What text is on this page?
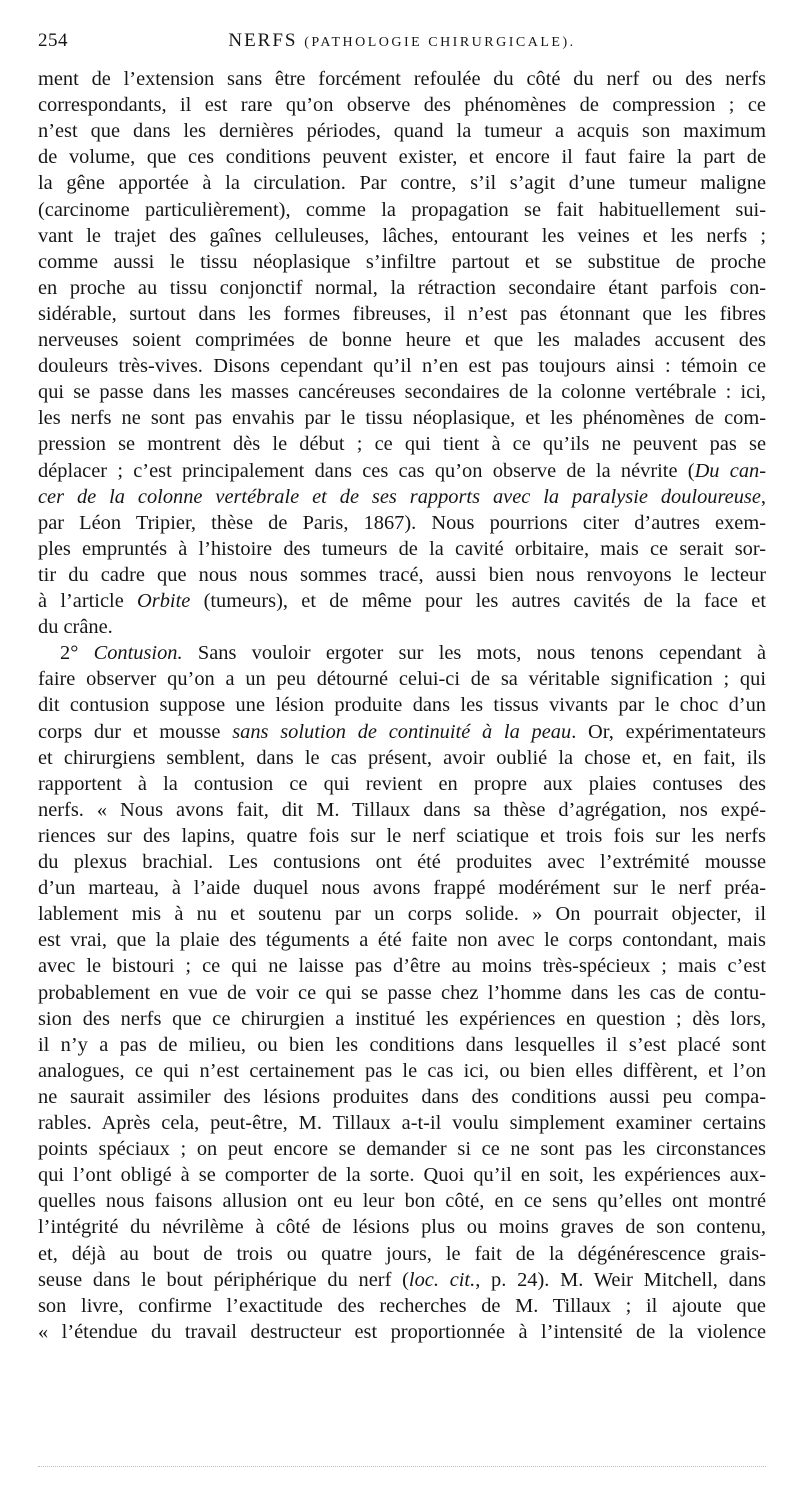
254	NERFS (PATHOLOGIE CHIRURGICALE).
ment de l’extension sans être forcément refoulée du côté du nerf ou des nerfs
correspondants, il est rare qu’on observe des phénomènes de compression ; ce
n’est que dans les dernières périodes, quand la tumeur a acquis son maximum
de volume, que ces conditions peuvent exister, et encore il faut faire la part de
la gêne apportée à la circulation. Par contre, s’il s’agit d’une tumeur maligne
(carcinome particulièrement), comme la propagation se fait habituellement sui-
vant le trajet des gaînes celluleuses, lâches, entourant les veines et les nerfs ;
comme aussi le tissu néoplasique s’infiltre partout et se substitue de proche
en proche au tissu conjonctif normal, la rétraction secondaire étant parfois con-
sidérable, surtout dans les formes fibreuses, il n’est pas étonnant que les fibres
nerveuses soient comprimées de bonne heure et que les malades accusent des
douleurs très-vives. Disons cependant qu’il n’en est pas toujours ainsi : témoin ce
qui se passe dans les masses cancéreuses secondaires de la colonne vertébrale : ici,
les nerfs ne sont pas envahis par le tissu néoplasique, et les phénomènes de com-
pression se montrent dès le début ; ce qui tient à ce qu’ils ne peuvent pas se
déplacer ; c’est principalement dans ces cas qu’on observe de la névrite (Du can-
cer de la colonne vertébrale et de ses rapports avec la paralysie douloureuse,
par Léon Tripier, thèse de Paris, 1867). Nous pourrions citer d’autres exem-
ples empruntés à l’histoire des tumeurs de la cavité orbitaire, mais ce serait sor-
tir du cadre que nous nous sommes tracé, aussi bien nous renvoyons le lecteur
à l’article Orbite (tumeurs), et de même pour les autres cavités de la face et
du crâne.
2° Contusion. Sans vouloir ergoter sur les mots, nous tenons cependant à
faire observer qu’on a un peu détourné celui-ci de sa véritable signification ; qui
dit contusion suppose une lésion produite dans les tissus vivants par le choc d’un
corps dur et mousse sans solution de continuité à la peau. Or, expérimentateurs
et chirurgiens semblent, dans le cas présent, avoir oublié la chose et, en fait, ils
rapportent à la contusion ce qui revient en propre aux plaies contuses des
nerfs. « Nous avons fait, dit M. Tillaux dans sa thèse d’agrégation, nos expé-
riences sur des lapins, quatre fois sur le nerf sciatique et trois fois sur les nerfs
du plexus brachial. Les contusions ont été produites avec l’extrémité mousse
d’un marteau, à l’aide duquel nous avons frappé modérément sur le nerf préa-
lablement mis à nu et soutenu par un corps solide. » On pourrait objecter, il
est vrai, que la plaie des téguments a été faite non avec le corps contondant, mais
avec le bistouri ; ce qui ne laisse pas d’être au moins très-spécieux ; mais c’est
probablement en vue de voir ce qui se passe chez l’homme dans les cas de contu-
sion des nerfs que ce chirurgien a institué les expériences en question ; dès lors,
il n’y a pas de milieu, ou bien les conditions dans lesquelles il s’est placé sont
analogues, ce qui n’est certainement pas le cas ici, ou bien elles diffèrent, et l’on
ne saurait assimiler des lésions produites dans des conditions aussi peu compa-
rables. Après cela, peut-être, M. Tillaux a-t-il voulu simplement examiner certains
points spéciaux ; on peut encore se demander si ce ne sont pas les circonstances
qui l’ont obligé à se comporter de la sorte. Quoi qu’il en soit, les expériences aux-
quelles nous faisons allusion ont eu leur bon côté, en ce sens qu’elles ont montré
l’intégrité du névrilème à côté de lésions plus ou moins graves de son contenu,
et, déjà au bout de trois ou quatre jours, le fait de la dégénérescence grais-
seuse dans le bout périphérique du nerf (loc. cit., p. 24). M. Weir Mitchell, dans
son livre, confirme l’exactitude des recherches de M. Tillaux ; il ajoute que
« l’étendue du travail destructeur est proportionnée à l’intensité de la violence
